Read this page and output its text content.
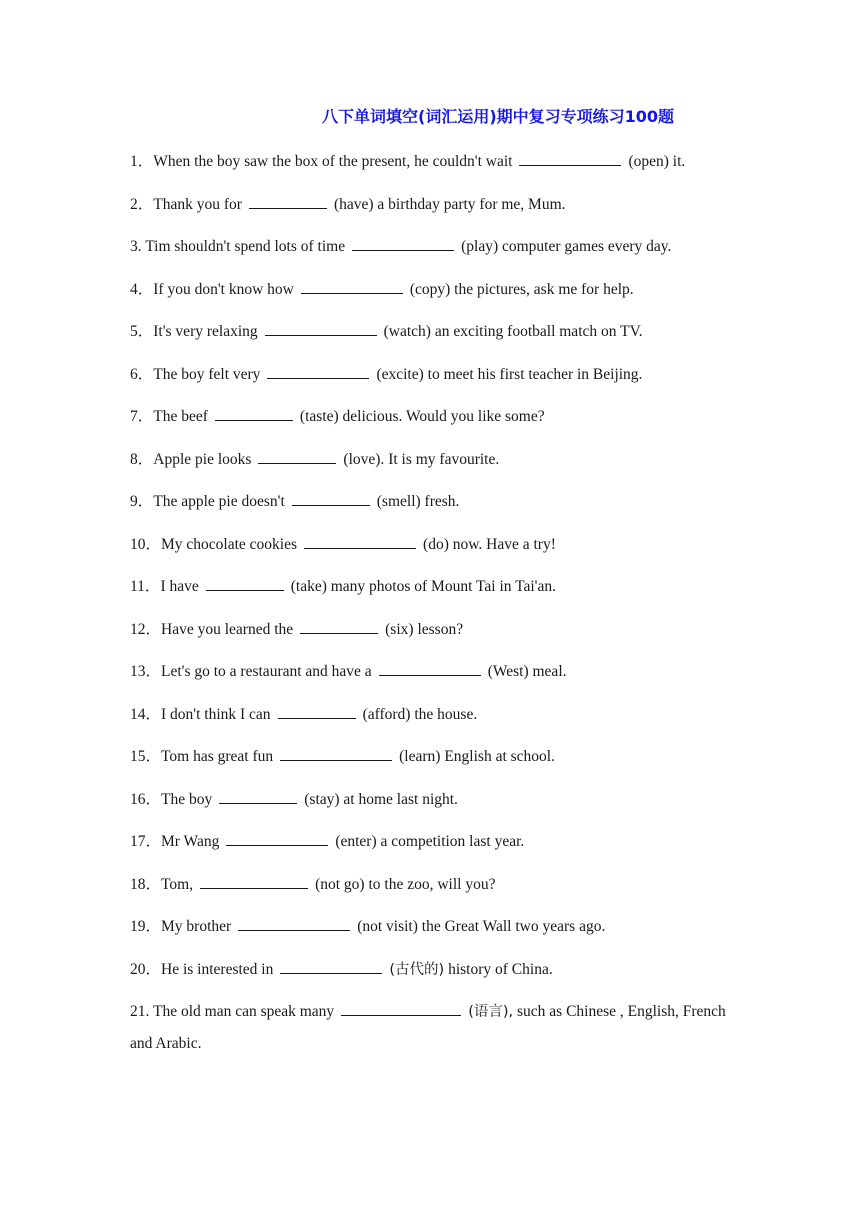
八下单词填空(词汇运用)期中复习专项练习100题
1．When the boy saw the box of the present, he couldn't wait	(open) it.
2．Thank you for	(have) a birthday party for me, Mum.
3. Tim shouldn't spend lots of time	(play) computer games every day.
4．If you don't know how	(copy) the pictures, ask me for help.
5．It's very relaxing	(watch) an exciting football match on TV.
6．The boy felt very	(excite) to meet his first teacher in Beijing.
7．The beef	(taste) delicious. Would you like some?
8．Apple pie looks	(love). It is my favourite.
9．The apple pie doesn't	(smell) fresh.
10．My chocolate cookies	(do) now. Have a try!
11．I have	(take) many photos of Mount Tai in Tai'an.
12．Have you learned the	(six) lesson?
13．Let's go to a restaurant and have a	(West) meal.
14．I don't think I can	(afford) the house.
15．Tom has great fun	(learn) English at school.
16．The boy	(stay) at home last night.
17．Mr Wang	(enter) a competition last year.
18．Tom,	(not go) to the zoo, will you?
19．My brother	(not visit) the Great Wall two years ago.
20．He is interested in	(古代的) history of China.
21. The old man can speak many	(语言), such as Chinese , English, French and Arabic.
